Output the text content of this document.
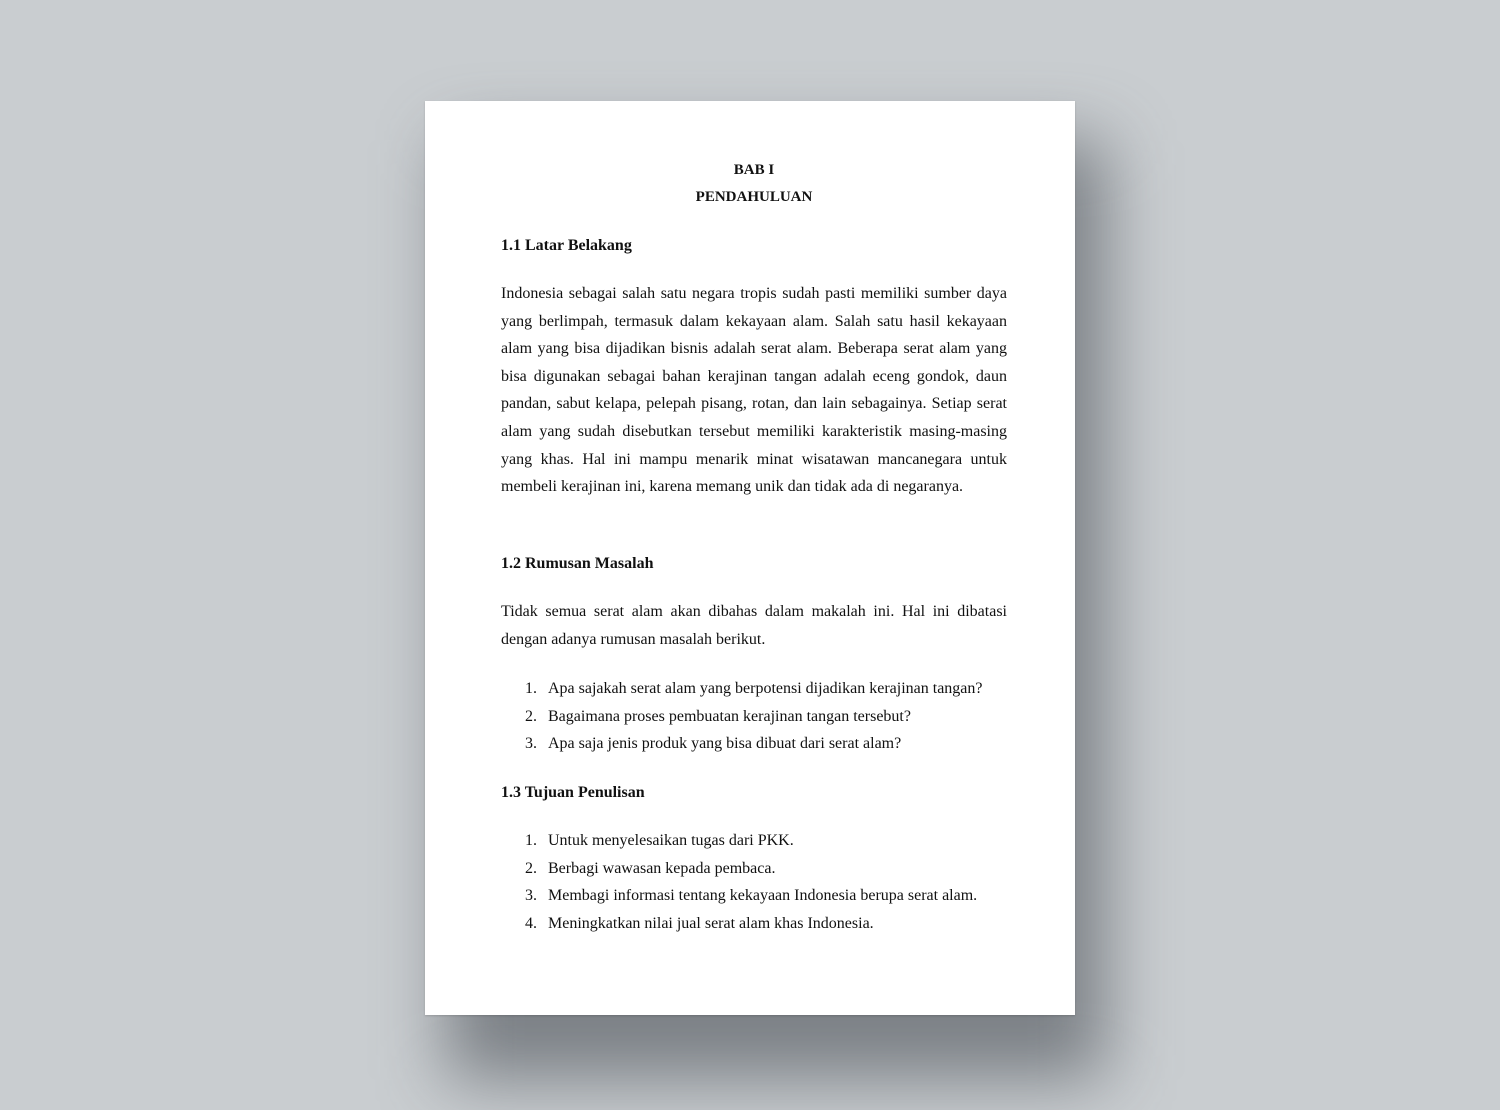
BAB I
PENDAHULUAN
1.1 Latar Belakang

Indonesia sebagai salah satu negara tropis sudah pasti memiliki sumber daya yang berlimpah, termasuk dalam kekayaan alam. Salah satu hasil kekayaan alam yang bisa dijadikan bisnis adalah serat alam. Beberapa serat alam yang bisa digunakan sebagai bahan kerajinan tangan adalah eceng gondok, daun pandan, sabut kelapa, pelepah pisang, rotan, dan lain sebagainya. Setiap serat alam yang sudah disebutkan tersebut memiliki karakteristik masing-masing yang khas. Hal ini mampu menarik minat wisatawan mancanegara untuk membeli kerajinan ini, karena memang unik dan tidak ada di negaranya.

1.2 Rumusan Masalah

Tidak semua serat alam akan dibahas dalam makalah ini. Hal ini dibatasi dengan adanya rumusan masalah berikut.

1. Apa sajakah serat alam yang berpotensi dijadikan kerajinan tangan?
2. Bagaimana proses pembuatan kerajinan tangan tersebut?
3. Apa saja jenis produk yang bisa dibuat dari serat alam?
1.3 Tujuan Penulisan
1. Untuk menyelesaikan tugas dari PKK.
2. Berbagi wawasan kepada pembaca.
3. Membagi informasi tentang kekayaan Indonesia berupa serat alam.
4. Meningkatkan nilai jual serat alam khas Indonesia.
